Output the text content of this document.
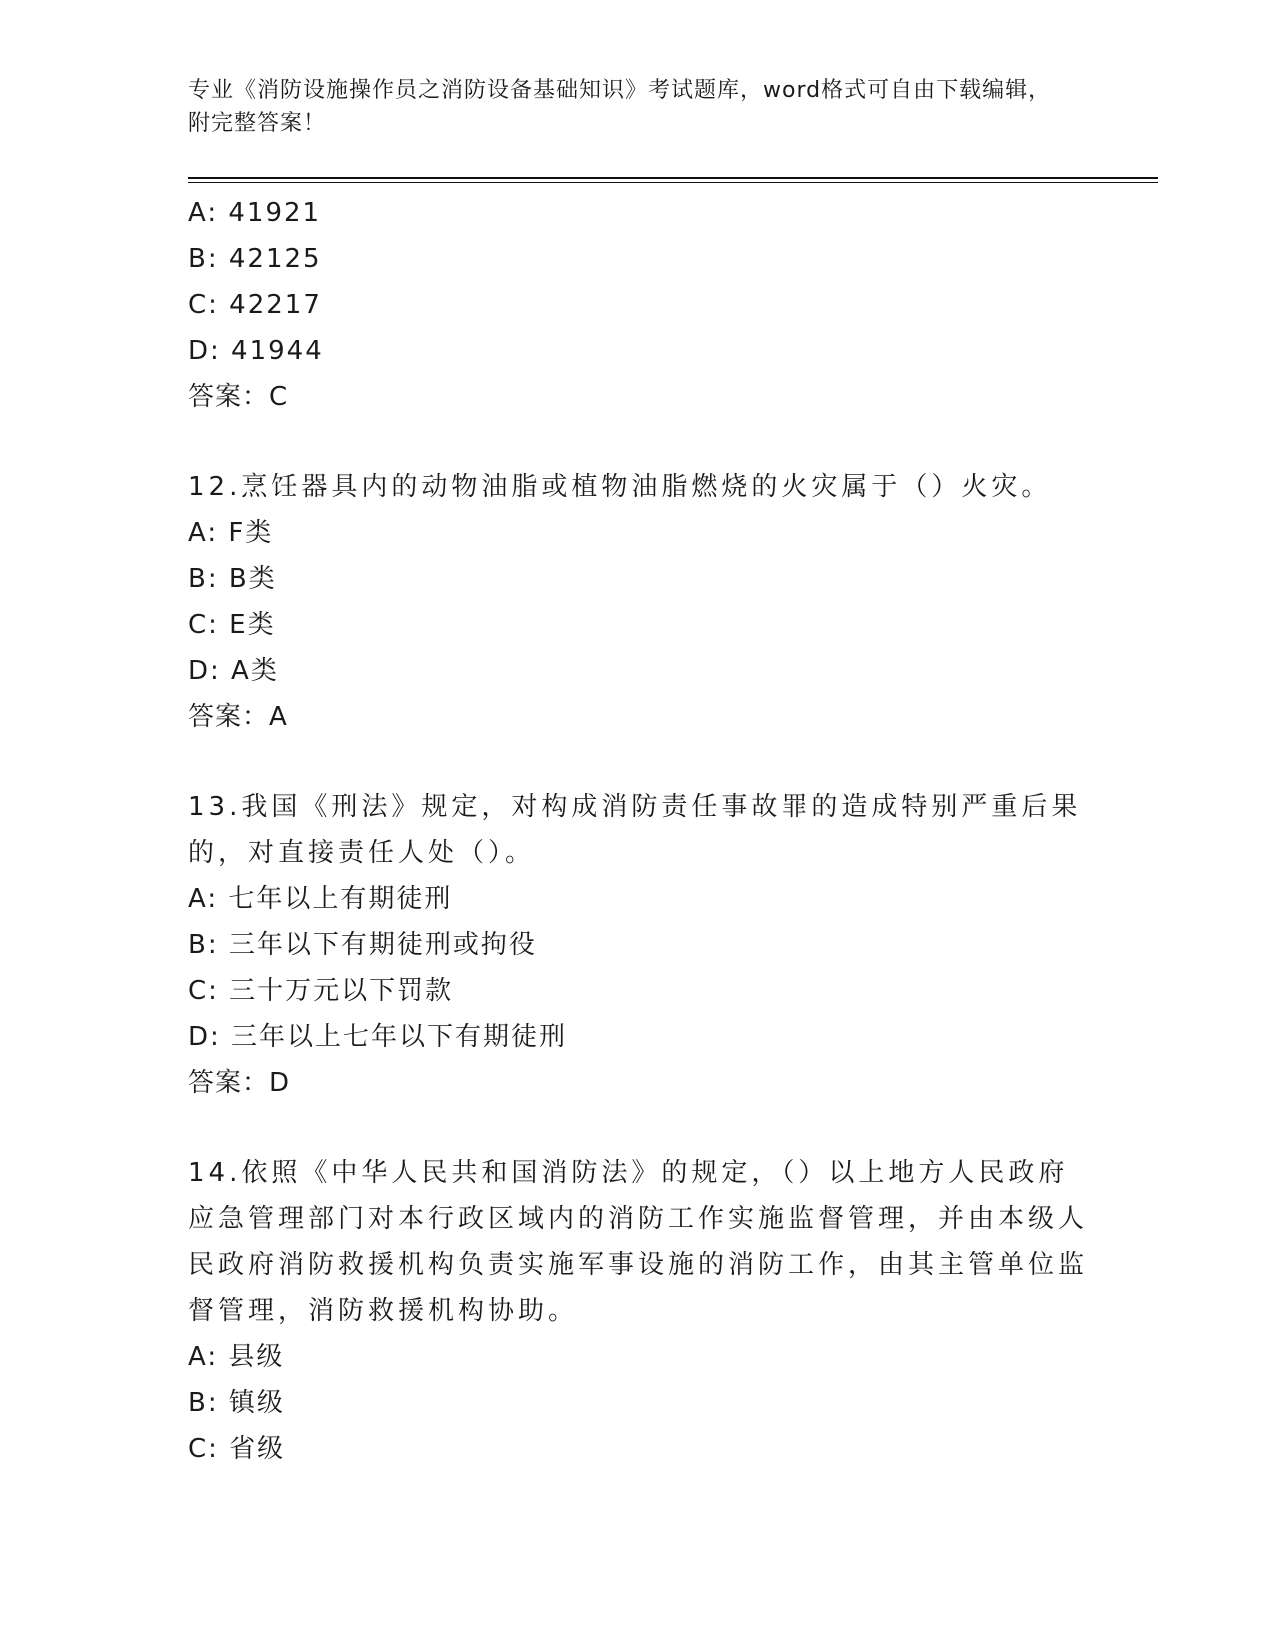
专业《消防设施操作员之消防设备基础知识》考试题库，word格式可自由下载编辑，附完整答案！
A: 41921
B: 42125
C: 42217
D: 41944
答案：C
12.烹饪器具内的动物油脂或植物油脂燃烧的火灾属于（）火灾。
A: F类
B: B类
C: E类
D: A类
答案：A
13.我国《刑法》规定，对构成消防责任事故罪的造成特别严重后果的，对直接责任人处（）。
A: 七年以上有期徒刑
B: 三年以下有期徒刑或拘役
C: 三十万元以下罚款
D: 三年以上七年以下有期徒刑
答案：D
14.依照《中华人民共和国消防法》的规定，（）以上地方人民政府应急管理部门对本行政区域内的消防工作实施监督管理，并由本级人民政府消防救援机构负责实施军事设施的消防工作，由其主管单位监督管理，消防救援机构协助。
A: 县级
B: 镇级
C: 省级
